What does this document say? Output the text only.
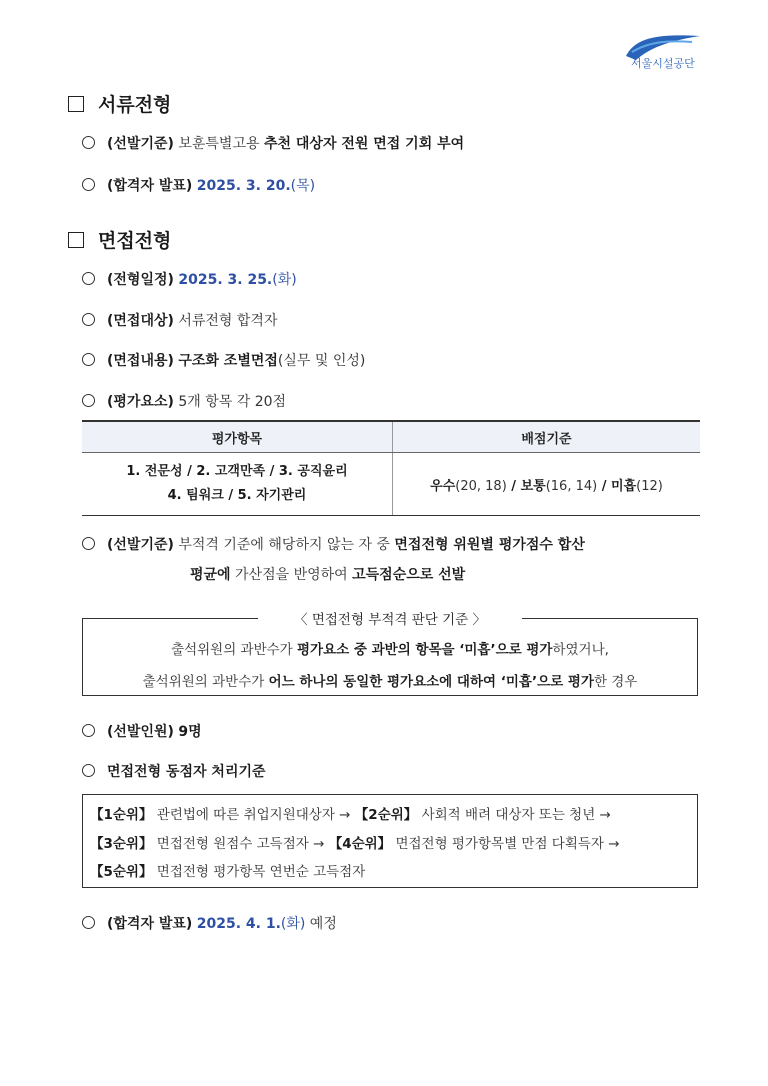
서울시설공단
서류전형
(선발기준) 보훈특별고용 추천 대상자 전원 면접 기회 부여
(합격자 발표) 2025. 3. 20.(목)
면접전형
(전형일정) 2025. 3. 25.(화)
(면접대상) 서류전형 합격자
(면접내용) 구조화 조별면접(실무 및 인성)
(평가요소) 5개 항목 각 20점
평가항목	배점기준

1. 전문성 / 2. 고객만족 / 3. 공직윤리
4. 팀워크 / 5. 자기관리	우수(20, 18) / 보통(16, 14) / 미흡(12)
(선발기준) 부적격 기준에 해당하지 않는 자 중 면접전형 위원별 평가점수 합산
평균에 가산점을 반영하여 고득점순으로 선발
〈 면접전형 부적격 판단 기준 〉
출석위원의 과반수가 평가요소 중 과반의 항목을 ‘미흡’으로 평가하였거나,
출석위원의 과반수가 어느 하나의 동일한 평가요소에 대하여 ‘미흡’으로 평가한 경우
(선발인원) 9명
면접전형 동점자 처리기준
【1순위】 관련법에 따른 취업지원대상자 → 【2순위】 사회적 배려 대상자 또는 청년 →
【3순위】 면접전형 원점수 고득점자 → 【4순위】 면접전형 평가항목별 만점 다획득자 →
【5순위】 면접전형 평가항목 연번순 고득점자
(합격자 발표) 2025. 4. 1.(화) 예정
